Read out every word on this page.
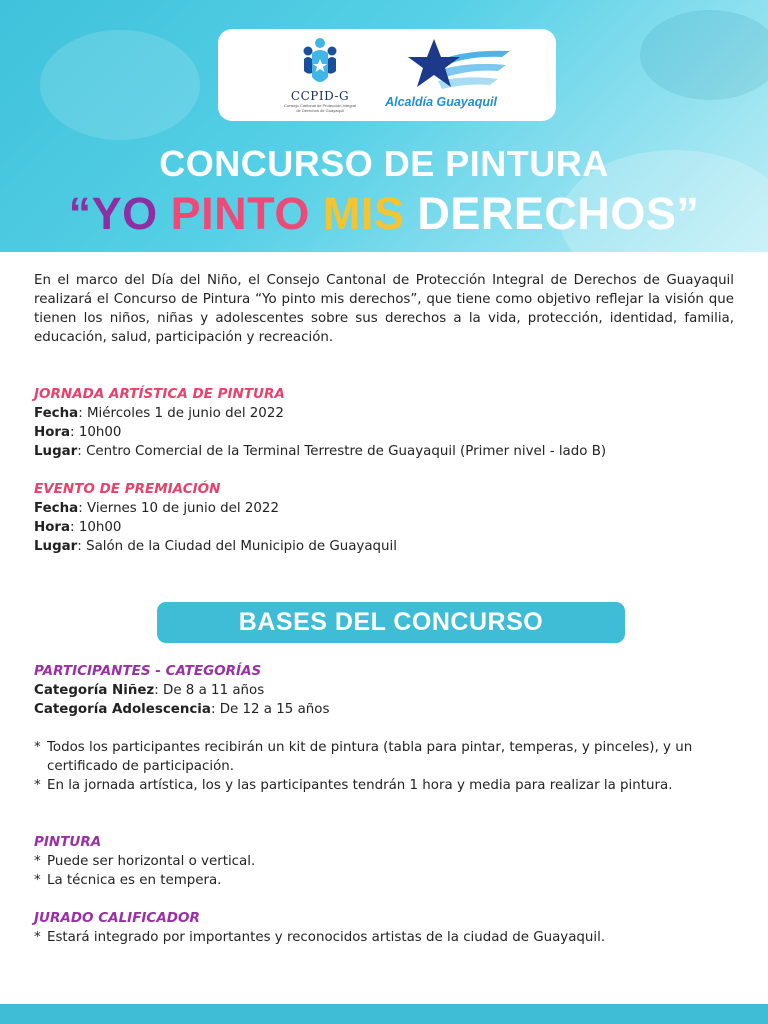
CCPID-G
Consejo Cantonal de Protección Integral de Derechos de Guayaquil
Alcaldía Guayaquil
CONCURSO DE PINTURA
“YO PINTO MIS DERECHOS”
En el marco del Día del Niño, el Consejo Cantonal de Protección Integral de Derechos de Guayaquil realizará el Concurso de Pintura “Yo pinto mis derechos”, que tiene como objetivo reflejar la visión que tienen los niños, niñas y adolescentes sobre sus derechos a la vida, protección, identidad, familia, educación, salud, participación y recreación.
JORNADA ARTÍSTICA DE PINTURA
Fecha: Miércoles 1 de junio del 2022
Hora: 10h00
Lugar: Centro Comercial de la Terminal Terrestre de Guayaquil (Primer nivel - lado B)
EVENTO DE PREMIACIÓN
Fecha: Viernes 10 de junio del 2022
Hora: 10h00
Lugar: Salón de la Ciudad del Municipio de Guayaquil
BASES DEL CONCURSO
PARTICIPANTES - CATEGORÍAS
Categoría Niñez: De 8 a 11 años
Categoría Adolescencia: De 12 a 15 años
* Todos los participantes recibirán un kit de pintura (tabla para pintar, temperas, y pinceles), y un certificado de participación.
* En la jornada artística, los y las participantes tendrán 1 hora y media para realizar la pintura.
PINTURA
* Puede ser horizontal o vertical.
* La técnica es en tempera.
JURADO CALIFICADOR
* Estará integrado por importantes y reconocidos artistas de la ciudad de Guayaquil.
